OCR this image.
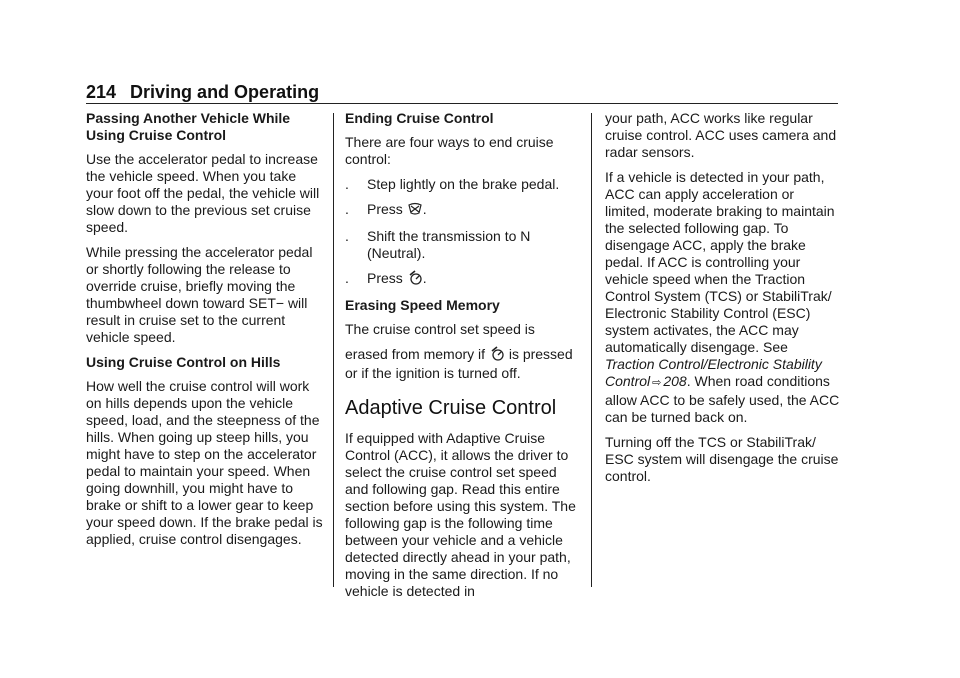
214 Driving and Operating

Passing Another Vehicle While Using Cruise Control

Use the accelerator pedal to increase the vehicle speed. When you take your foot off the pedal, the vehicle will slow down to the previous set cruise speed.

While pressing the accelerator pedal or shortly following the release to override cruise, briefly moving the thumbwheel down toward SET− will result in cruise set to the current vehicle speed.

Using Cruise Control on Hills

How well the cruise control will work on hills depends upon the vehicle speed, load, and the steepness of the hills. When going up steep hills, you might have to step on the accelerator pedal to maintain your speed. When going downhill, you might have to brake or shift to a lower gear to keep your speed down. If the brake pedal is applied, cruise control disengages.

Ending Cruise Control

There are four ways to end cruise control:

.	Step lightly on the brake pedal.
.	Press .
.	Shift the transmission to N (Neutral).
.	Press .

Erasing Speed Memory

The cruise control set speed is

erased from memory if  is pressed or if the ignition is turned off.

Adaptive Cruise Control

If equipped with Adaptive Cruise Control (ACC), it allows the driver to select the cruise control set speed and following gap. Read this entire section before using this system. The following gap is the following time between your vehicle and a vehicle detected directly ahead in your path, moving in the same direction. If no vehicle is detected in

your path, ACC works like regular cruise control. ACC uses camera and radar sensors.

If a vehicle is detected in your path, ACC can apply acceleration or limited, moderate braking to maintain the selected following gap. To disengage ACC, apply the brake pedal. If ACC is controlling your vehicle speed when the Traction Control System (TCS) or StabiliTrak/ Electronic Stability Control (ESC) system activates, the ACC may automatically disengage. See Traction Control/Electronic Stability Control ⇨ 208. When road conditions allow ACC to be safely used, the ACC can be turned back on.

Turning off the TCS or StabiliTrak/ ESC system will disengage the cruise control.
